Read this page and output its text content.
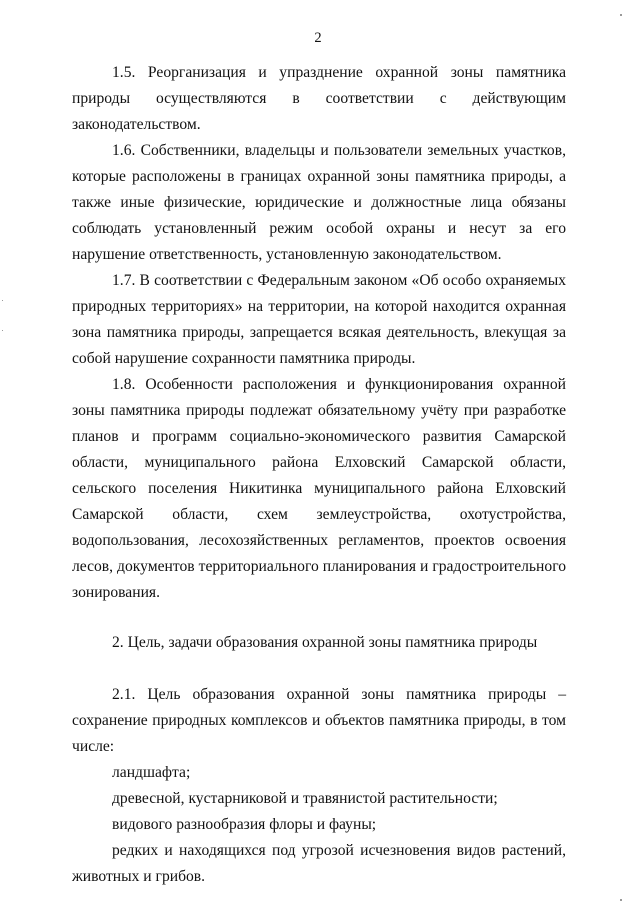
2

1.5. Реорганизация и упразднение охранной зоны памятника природы осуществляются в соответствии с действующим законодательством.

1.6. Собственники, владельцы и пользователи земельных участков, которые расположены в границах охранной зоны памятника природы, а также иные физические, юридические и должностные лица обязаны соблюдать установленный режим особой охраны и несут за его нарушение ответственность, установленную законодательством.

1.7. В соответствии с Федеральным законом «Об особо охраняемых природных территориях» на территории, на которой находится охранная зона памятника природы, запрещается всякая деятельность, влекущая за собой нарушение сохранности памятника природы.

1.8. Особенности расположения и функционирования охранной зоны памятника природы подлежат обязательному учёту при разработке планов и программ социально-экономического развития Самарской области, муниципального района Елховский Самарской области, сельского поселения Никитинка муниципального района Елховский Самарской области, схем землеустройства, охотустройства, водопользования, лесохозяйственных регламентов, проектов освоения лесов, документов территориального планирования и градостроительного зонирования.

2. Цель, задачи образования охранной зоны памятника природы

2.1. Цель образования охранной зоны памятника природы – сохранение природных комплексов и объектов памятника природы, в том числе:

ландшафта;

древесной, кустарниковой и травянистой растительности;

видового разнообразия флоры и фауны;

редких и находящихся под угрозой исчезновения видов растений, животных и грибов.
